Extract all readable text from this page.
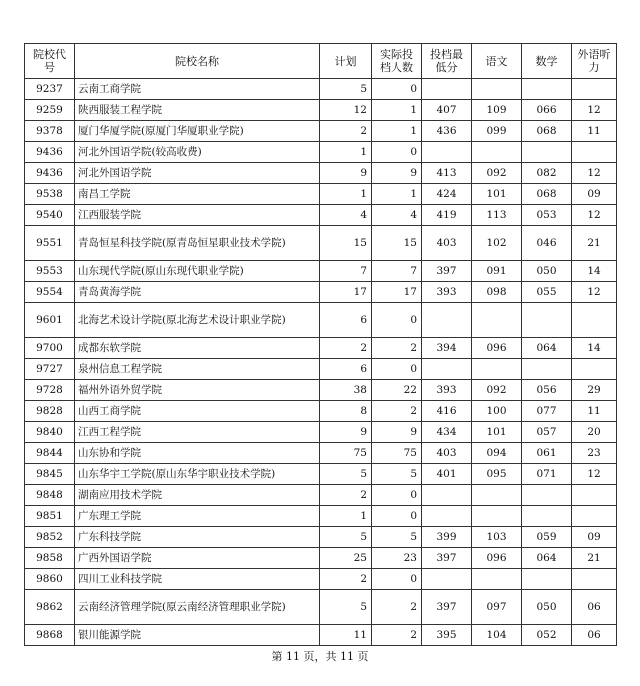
院校代号	院校名称	计划	实际投档人数	投档最低分	语文	数学	外语听力
9237	云南工商学院	5	0				
9259	陕西服装工程学院	12	1	407	109	066	12
9378	厦门华厦学院(原厦门华厦职业学院)	2	1	436	099	068	11
9436	河北外国语学院(较高收费)	1	0				
9436	河北外国语学院	9	9	413	092	082	12
9538	南昌工学院	1	1	424	101	068	09
9540	江西服装学院	4	4	419	113	053	12
9551	青岛恒星科技学院(原青岛恒星职业技术学院)	15	15	403	102	046	21
9553	山东现代学院(原山东现代职业学院)	7	7	397	091	050	14
9554	青岛黄海学院	17	17	393	098	055	12
9601	北海艺术设计学院(原北海艺术设计职业学院)	6	0				
9700	成都东软学院	2	2	394	096	064	14
9727	泉州信息工程学院	6	0				
9728	福州外语外贸学院	38	22	393	092	056	29
9828	山西工商学院	8	2	416	100	077	11
9840	江西工程学院	9	9	434	101	057	20
9844	山东协和学院	75	75	403	094	061	23
9845	山东华宇工学院(原山东华宇职业技术学院)	5	5	401	095	071	12
9848	湖南应用技术学院	2	0				
9851	广东理工学院	1	0				
9852	广东科技学院	5	5	399	103	059	09
9858	广西外国语学院	25	23	397	096	064	21
9860	四川工业科技学院	2	0				
9862	云南经济管理学院(原云南经济管理职业学院)	5	2	397	097	050	06
9868	银川能源学院	11	2	395	104	052	06
第 11 页，共 11 页
